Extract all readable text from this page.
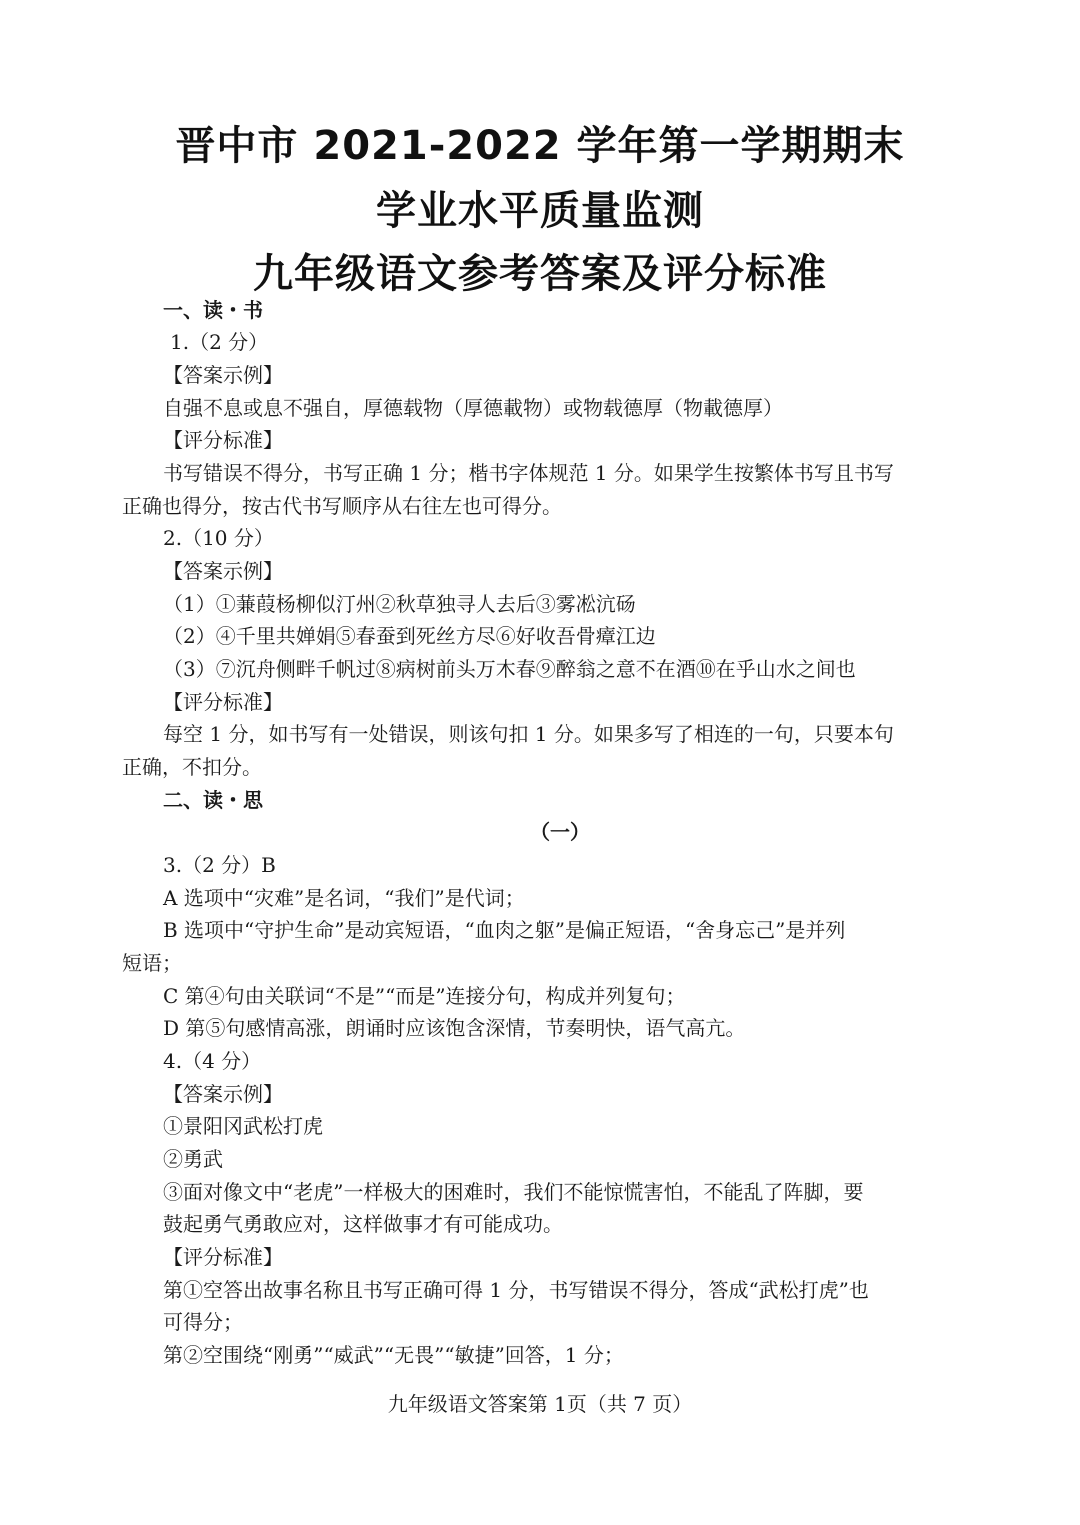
晋中市 2021-2022 学年第一学期期末
学业水平质量监测
九年级语文参考答案及评分标准
一、读・书
1.（2 分）
【答案示例】
自强不息或息不强自，厚德载物（厚德載物）或物载德厚（物載德厚）
【评分标准】
书写错误不得分，书写正确 1 分；楷书字体规范 1 分。如果学生按繁体书写且书写
正确也得分，按古代书写顺序从右往左也可得分。
2.（10 分）
【答案示例】
（1）①蒹葭杨柳似汀州②秋草独寻人去后③雾凇沆砀
（2）④千里共婵娟⑤春蚕到死丝方尽⑥好收吾骨瘴江边
（3）⑦沉舟侧畔千帆过⑧病树前头万木春⑨醉翁之意不在酒⑩在乎山水之间也
【评分标准】
每空 1 分，如书写有一处错误，则该句扣 1 分。如果多写了相连的一句，只要本句
正确，不扣分。
二、读・思
（一）
3.（2 分）B
A 选项中“灾难”是名词，“我们”是代词；
B 选项中“守护生命”是动宾短语，“血肉之躯”是偏正短语，“舍身忘己”是并列
短语；
C 第④句由关联词“不是”“而是”连接分句，构成并列复句；
D 第⑤句感情高涨，朗诵时应该饱含深情，节奏明快，语气高亢。
4.（4 分）
【答案示例】
①景阳冈武松打虎
②勇武
③面对像文中“老虎”一样极大的困难时，我们不能惊慌害怕，不能乱了阵脚，要
鼓起勇气勇敢应对，这样做事才有可能成功。
【评分标准】
第①空答出故事名称且书写正确可得 1 分，书写错误不得分，答成“武松打虎”也
可得分；
第②空围绕“刚勇”“威武”“无畏”“敏捷”回答，1 分；
九年级语文答案第 1页（共 7 页）
